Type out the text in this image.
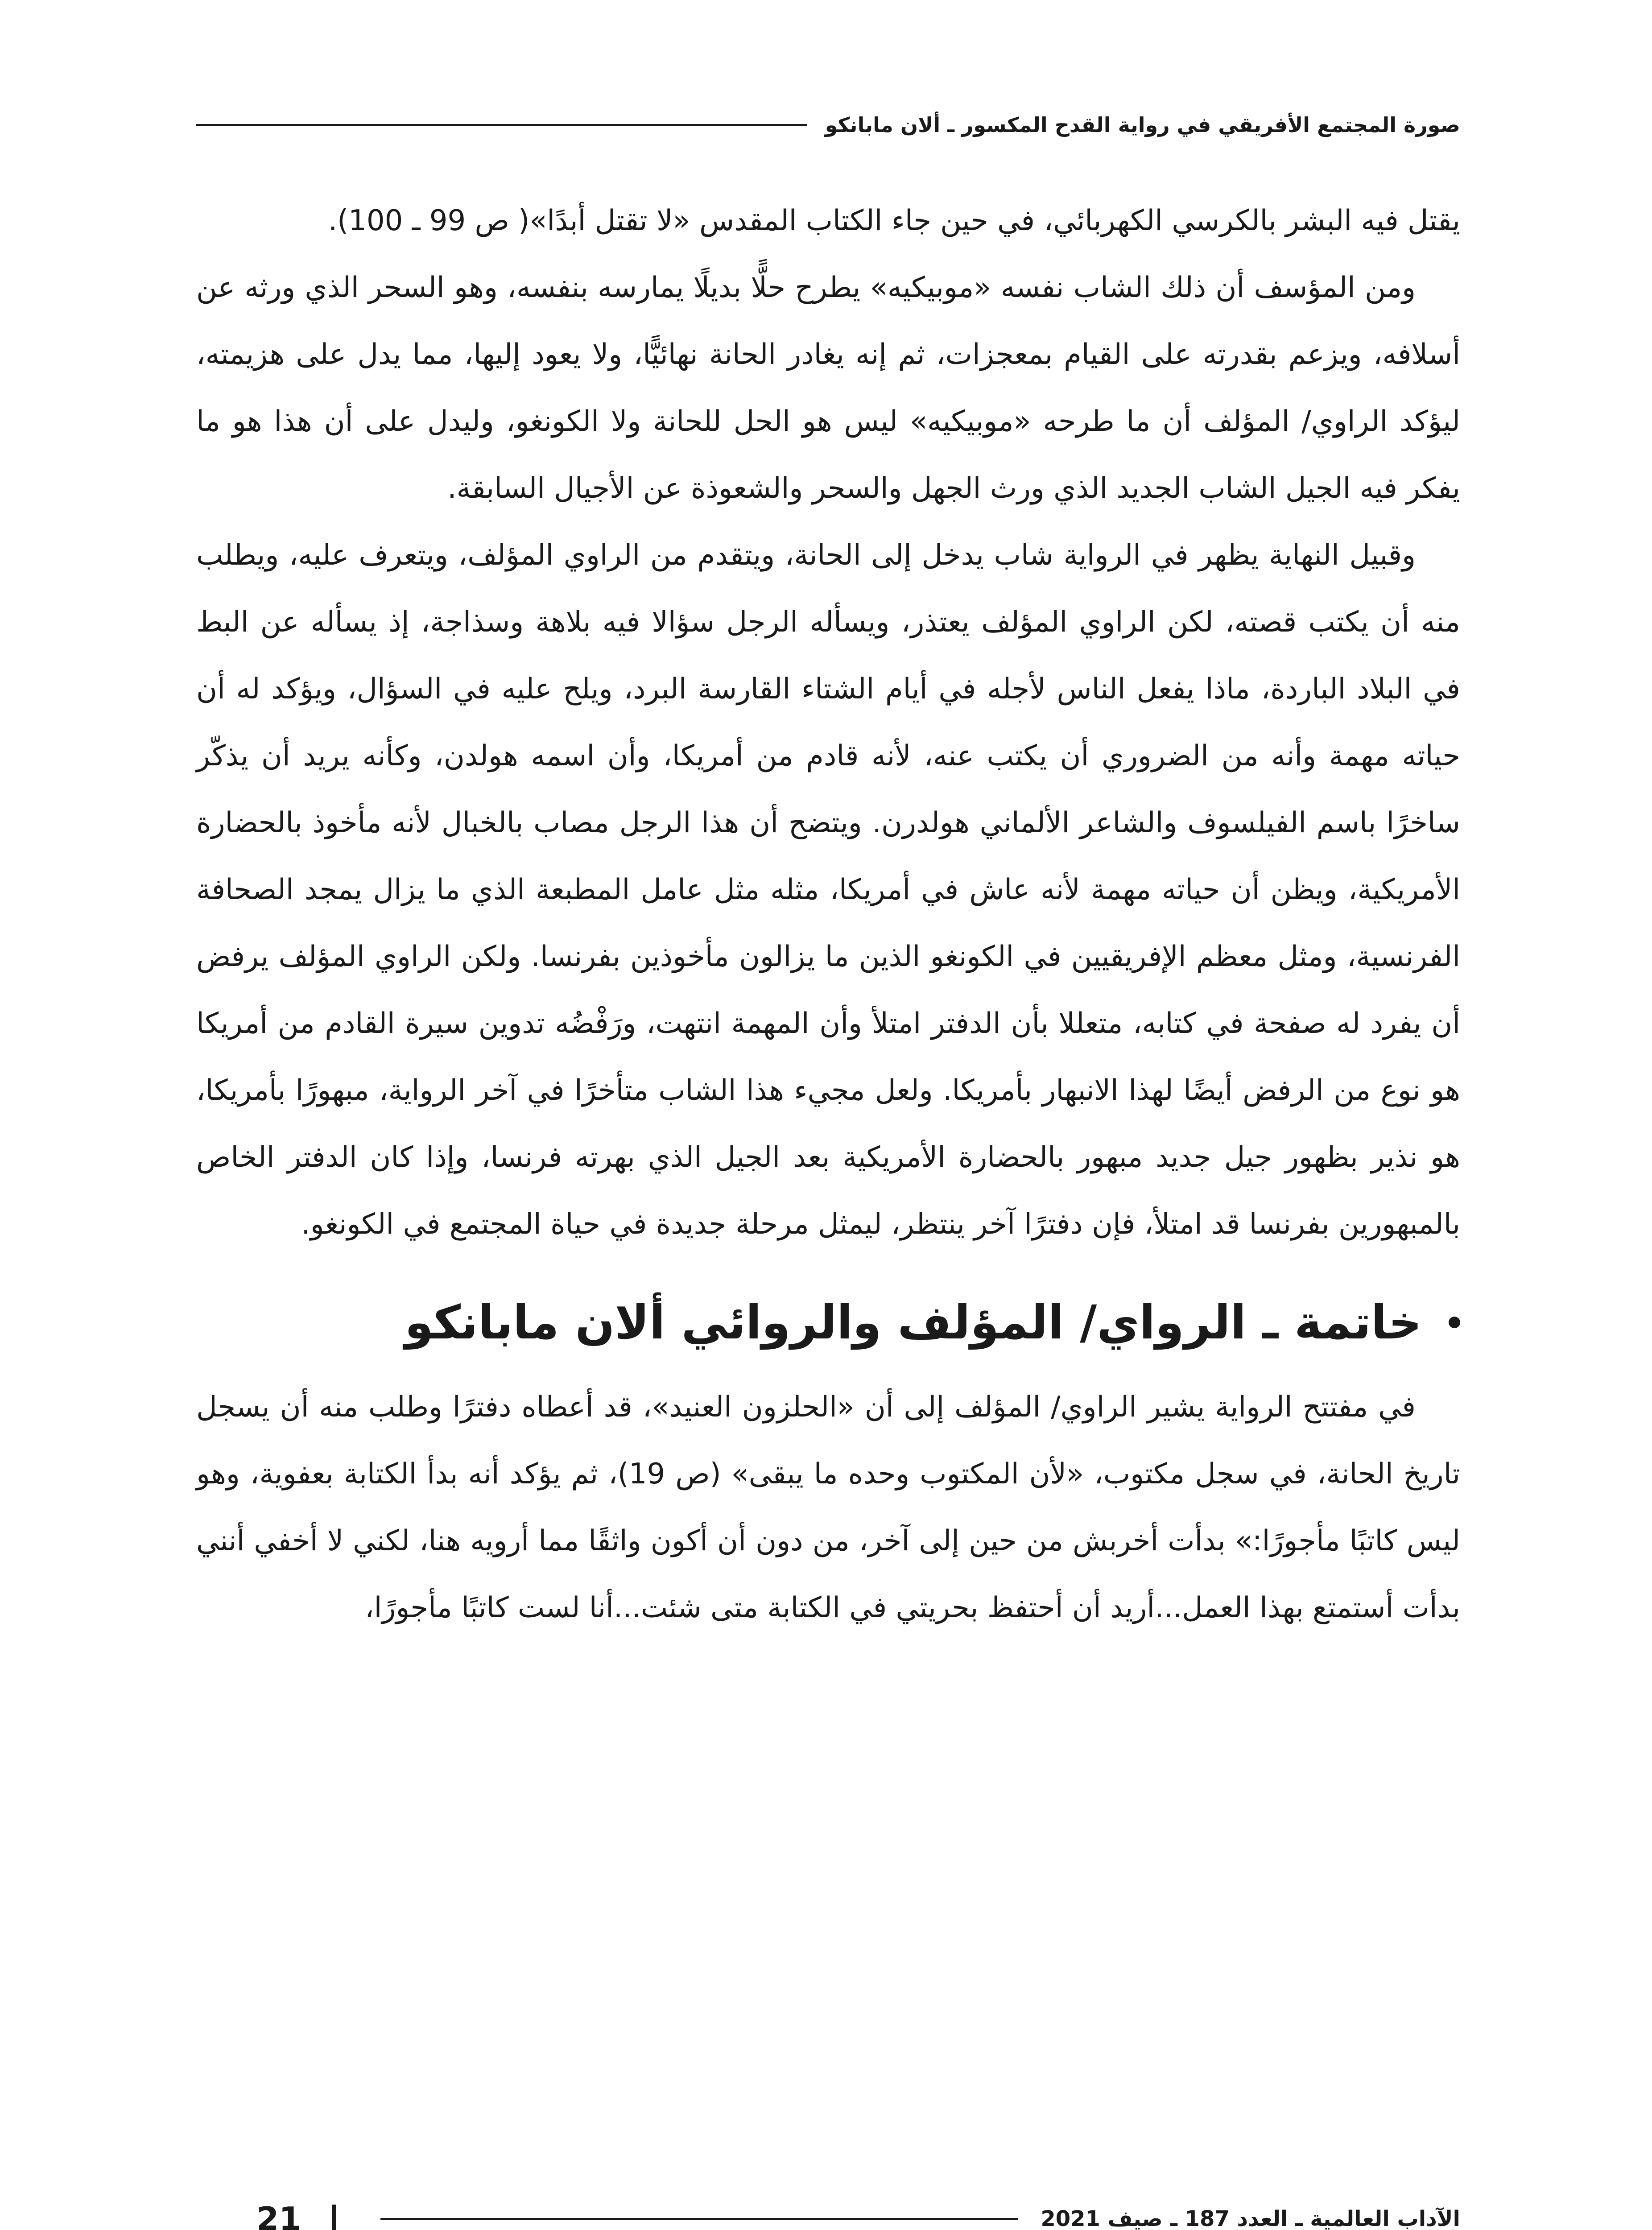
صورة المجتمع الأفريقي في رواية القدح المكسور ـ ألان مابانكو

يقتل فيه البشر بالكرسي الكهربائي، في حين جاء الكتاب المقدس «لا تقتل أبدًا»( ص 99 ـ 100).

ومن المؤسف أن ذلك الشاب نفسه «موبيكيه» يطرح حلًّا بديلًا يمارسه بنفسه، وهو السحر الذي ورثه عن أسلافه، ويزعم بقدرته على القيام بمعجزات، ثم إنه يغادر الحانة نهائيًّا، ولا يعود إليها، مما يدل على هزيمته، ليؤكد الراوي/ المؤلف أن ما طرحه «موبيكيه» ليس هو الحل للحانة ولا الكونغو، وليدل على أن هذا هو ما يفكر فيه الجيل الشاب الجديد الذي ورث الجهل والسحر والشعوذة عن الأجيال السابقة.

وقبيل النهاية يظهر في الرواية شاب يدخل إلى الحانة، ويتقدم من الراوي المؤلف، ويتعرف عليه، ويطلب منه أن يكتب قصته، لكن الراوي المؤلف يعتذر، ويسأله الرجل سؤالا فيه بلاهة وسذاجة، إذ يسأله عن البط في البلاد الباردة، ماذا يفعل الناس لأجله في أيام الشتاء القارسة البرد، ويلح عليه في السؤال، ويؤكد له أن حياته مهمة وأنه من الضروري أن يكتب عنه، لأنه قادم من أمريكا، وأن اسمه هولدن، وكأنه يريد أن يذكّر ساخرًا باسم الفيلسوف والشاعر الألماني هولدرن. ويتضح أن هذا الرجل مصاب بالخبال لأنه مأخوذ بالحضارة الأمريكية، ويظن أن حياته مهمة لأنه عاش في أمريكا، مثله مثل عامل المطبعة الذي ما يزال يمجد الصحافة الفرنسية، ومثل معظم الإفريقيين في الكونغو الذين ما يزالون مأخوذين بفرنسا. ولكن الراوي المؤلف يرفض أن يفرد له صفحة في كتابه، متعللا بأن الدفتر امتلأ وأن المهمة انتهت، ورَفْضُه تدوين سيرة القادم من أمريكا هو نوع من الرفض أيضًا لهذا الانبهار بأمريكا. ولعل مجيء هذا الشاب متأخرًا في آخر الرواية، مبهورًا بأمريكا، هو نذير بظهور جيل جديد مبهور بالحضارة الأمريكية بعد الجيل الذي بهرته فرنسا، وإذا كان الدفتر الخاص بالمبهورين بفرنسا قد امتلأ، فإن دفترًا آخر ينتظر، ليمثل مرحلة جديدة في حياة المجتمع في الكونغو.

خاتمة ـ الرواي/ المؤلف والروائي ألان مابانكو

في مفتتح الرواية يشير الراوي/ المؤلف إلى أن «الحلزون العنيد»، قد أعطاه دفترًا وطلب منه أن يسجل تاريخ الحانة، في سجل مكتوب، «لأن المكتوب وحده ما يبقى» (ص 19)، ثم يؤكد أنه بدأ الكتابة بعفوية، وهو ليس كاتبًا مأجورًا:» بدأت أخربش من حين إلى آخر، من دون أن أكون واثقًا مما أرويه هنا، لكني لا أخفي أنني بدأت أستمتع بهذا العمل...أريد أن أحتفظ بحريتي في الكتابة متى شئت...أنا لست كاتبًا مأجورًا،

الآداب العالمية ـ العدد 187 ـ صيف 2021
21
